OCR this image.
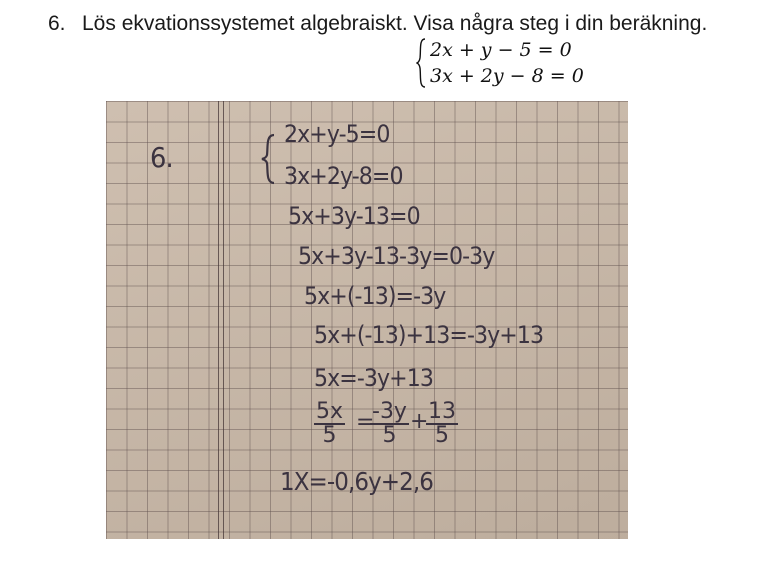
6. Lös ekvationssystemet algebraiskt. Visa några steg i din beräkning.
2x + y − 5 = 0
3x + 2y − 8 = 0
6.
2x+y-5=0
3x+2y-8=0
5x+3y-13=0
5x+3y-13-3y=0-3y
5x+(-13)=-3y
5x+(-13)+13=-3y+13
5x=-3y+13
$\frac{5x}{5}$ =
$\frac{-3y}{5}$ +
$\frac{13}{5}$
1X=-0,6y+2,6
